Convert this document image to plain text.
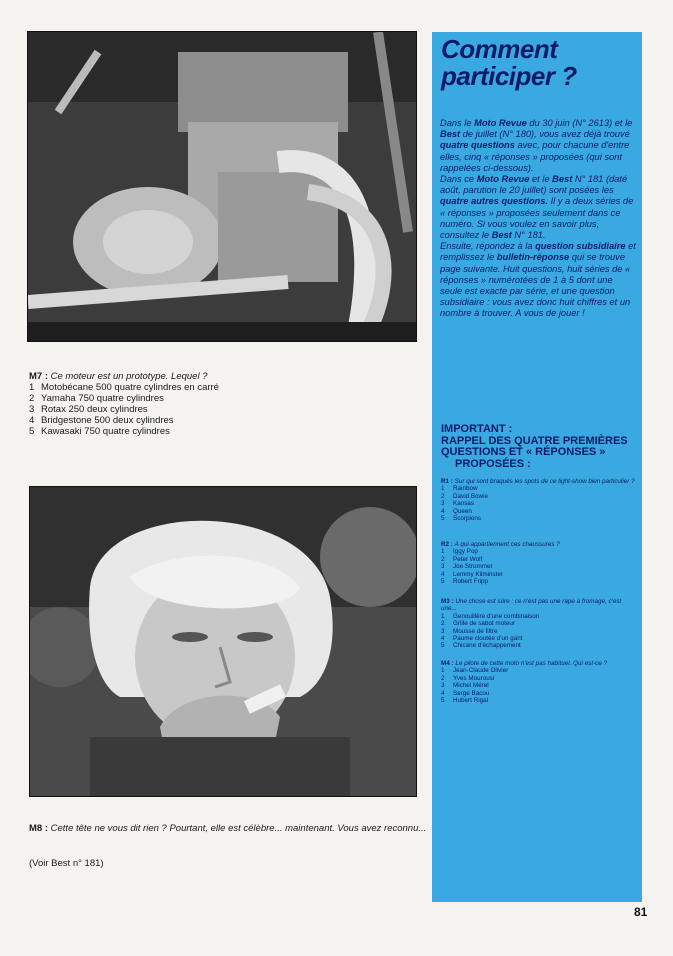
M7 : Ce moteur est un prototype. Lequel ?
1 Motobécane 500 quatre cylindres en carré
2 Yamaha 750 quatre cylindres
3 Rotax 250 deux cylindres
4 Bridgestone 500 deux cylindres
5 Kawasaki 750 quatre cylindres
M8 : Cette tête ne vous dit rien ? Pourtant, elle est célèbre... maintenant. Vous avez reconnu...
(Voir Best n° 181)
Comment
participer ?
Dans le Moto Revue du 30 juin (N° 2613) et le Best de juillet (N° 180), vous avez déjà trouvé quatre questions avec, pour chacune d'entre elles, cinq « réponses » proposées (qui sont rappelées ci-dessous).
Dans ce Moto Revue et le Best N° 181 (daté août, parution le 20 juillet) sont posées les quatre autres questions. Il y a deux séries de « réponses » proposées seulement dans ce numéro. Si vous voulez en savoir plus, consultez le Best N° 181.
Ensuite, répondez à la question subsidiaire et remplissez le bulletin-réponse qui se trouve page suivante. Huit questions, huit séries de « réponses » numérotées de 1 à 5 dont une seule est exacte par série, et une question subsidiaire : vous avez donc huit chiffres et un nombre à trouver. A vous de jouer !
IMPORTANT :
RAPPEL DES QUATRE PREMIÈRES
QUESTIONS ET « RÉPONSES »
PROPOSÉES :
R1 : Sur qui sont braqués les spots de ce light-show bien particulier ?
1	Rainbow
2	David Bowie
3	Kansas
4	Queen
5	Scorpions
R2 : A qui appartiennent ces chaussures ?
1	Iggy Pop
2	Peter Wolf
3	Joe Strummer
4	Lemmy Kilminster
5	Robert Fripp
M3 : Une chose est sûre : ce n'est pas une rape à fromage, c'est une...
1	Genouillère d'une combinaison
2	Grille de sabot moteur
3	Mousse de filtre
4	Paume cloutée d'un gant
5	Chicane d'échappement
M4 : Le pilote de cette moto n'est pas habituel. Qui est-ce ?
1	Jean-Claude Olivier
2	Yves Mourousi
3	Michel Mérel
4	Serge Bacou
5	Hubert Rigal
81
